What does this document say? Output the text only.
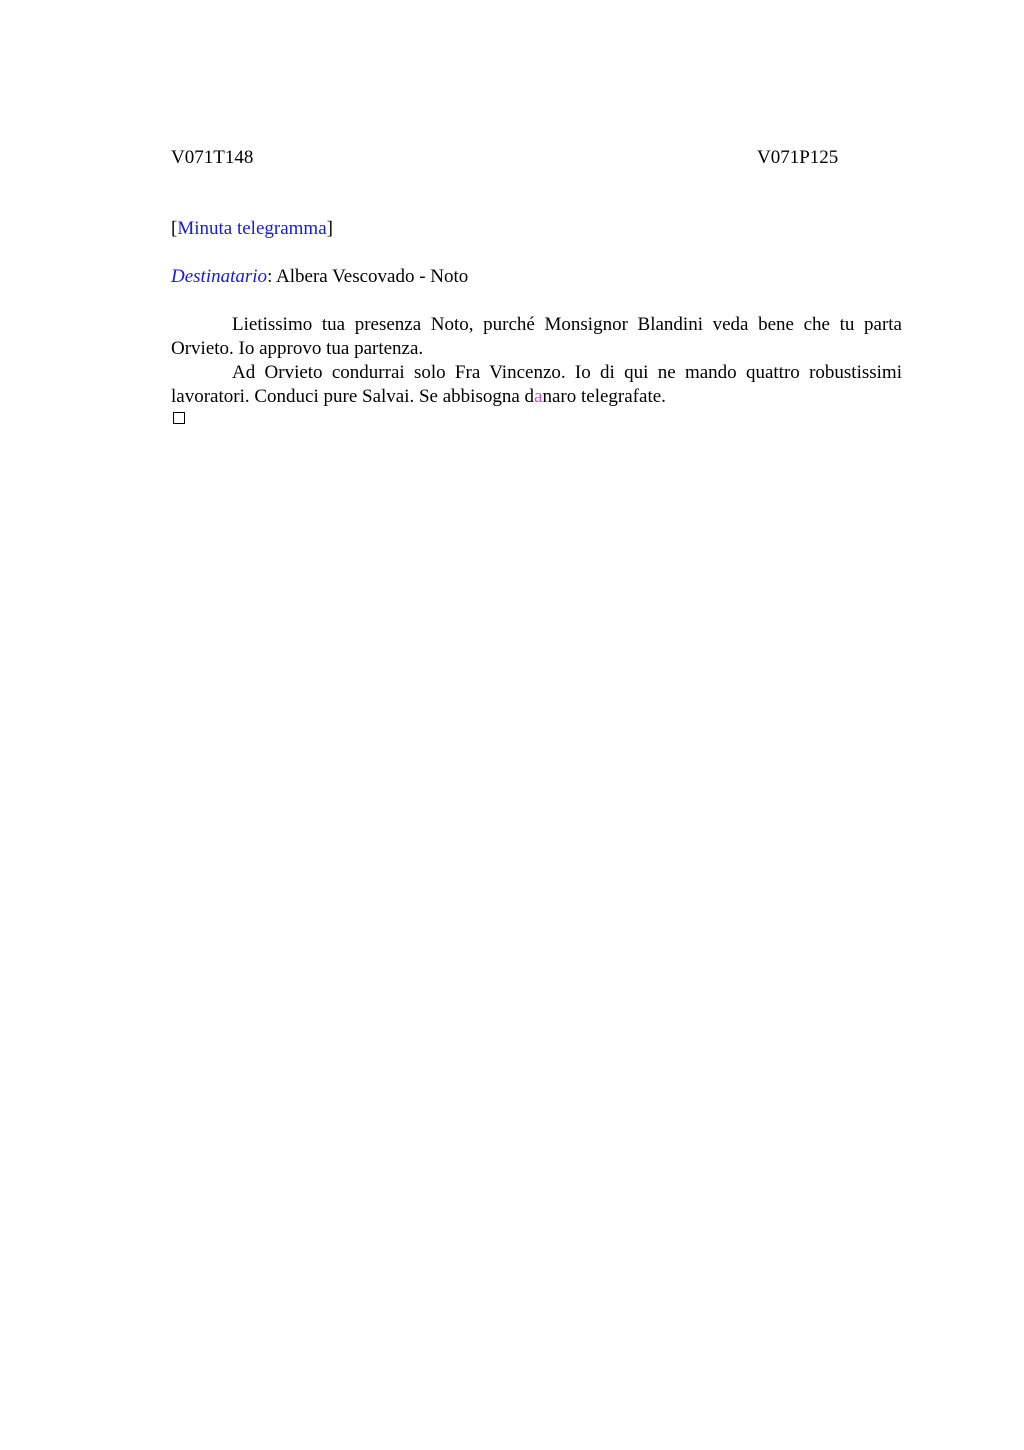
V071T148	V071P125
[Minuta telegramma]
Destinatario: Albera Vescovado - Noto

Lietissimo tua presenza Noto, purché Monsignor Blandini veda bene che tu parta Orvieto. Io approvo tua partenza.

Ad Orvieto condurrai solo Fra Vincenzo. Io di qui ne mando quattro robustissimi lavoratori. Conduci pure Salvai. Se abbisogna danaro telegrafate.
